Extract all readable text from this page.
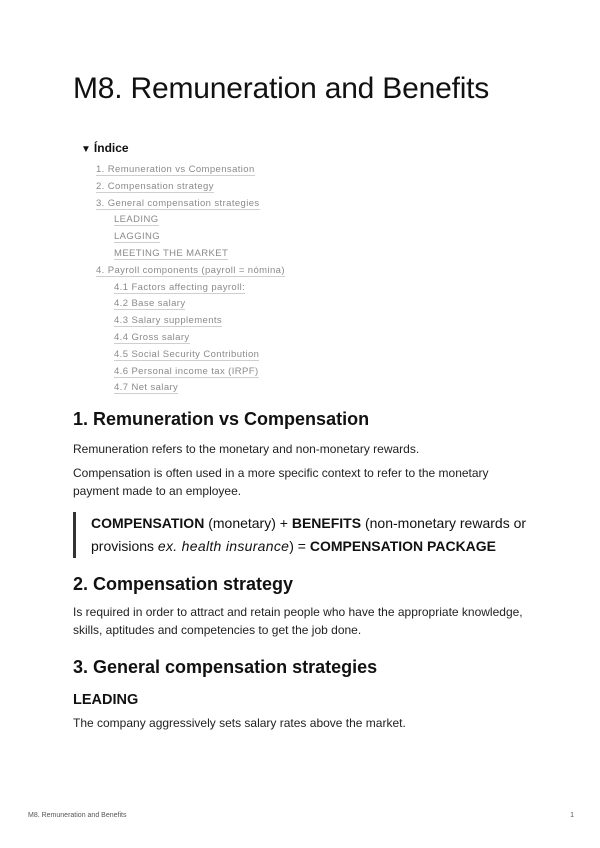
M8. Remuneration and Benefits
▼ Índice
1. Remuneration vs Compensation
2. Compensation strategy
3. General compensation strategies
LEADING
LAGGING
MEETING THE MARKET
4. Payroll components (payroll = nómina)
4.1 Factors affecting payroll:
4.2 Base salary
4.3 Salary supplements
4.4 Gross salary
4.5 Social Security Contribution
4.6 Personal income tax (IRPF)
4.7 Net salary
1. Remuneration vs Compensation

Remuneration refers to the monetary and non-monetary rewards.

Compensation is often used in a more specific context to refer to the monetary payment made to an employee.

COMPENSATION (monetary) + BENEFITS (non-monetary rewards or provisions ex. health insurance) = COMPENSATION PACKAGE
2. Compensation strategy

Is required in order to attract and retain people who have the appropriate knowledge, skills, aptitudes and competencies to get the job done.

3. General compensation strategies
LEADING

The company aggressively sets salary rates above the market.

M8. Remuneration and Benefits	1
